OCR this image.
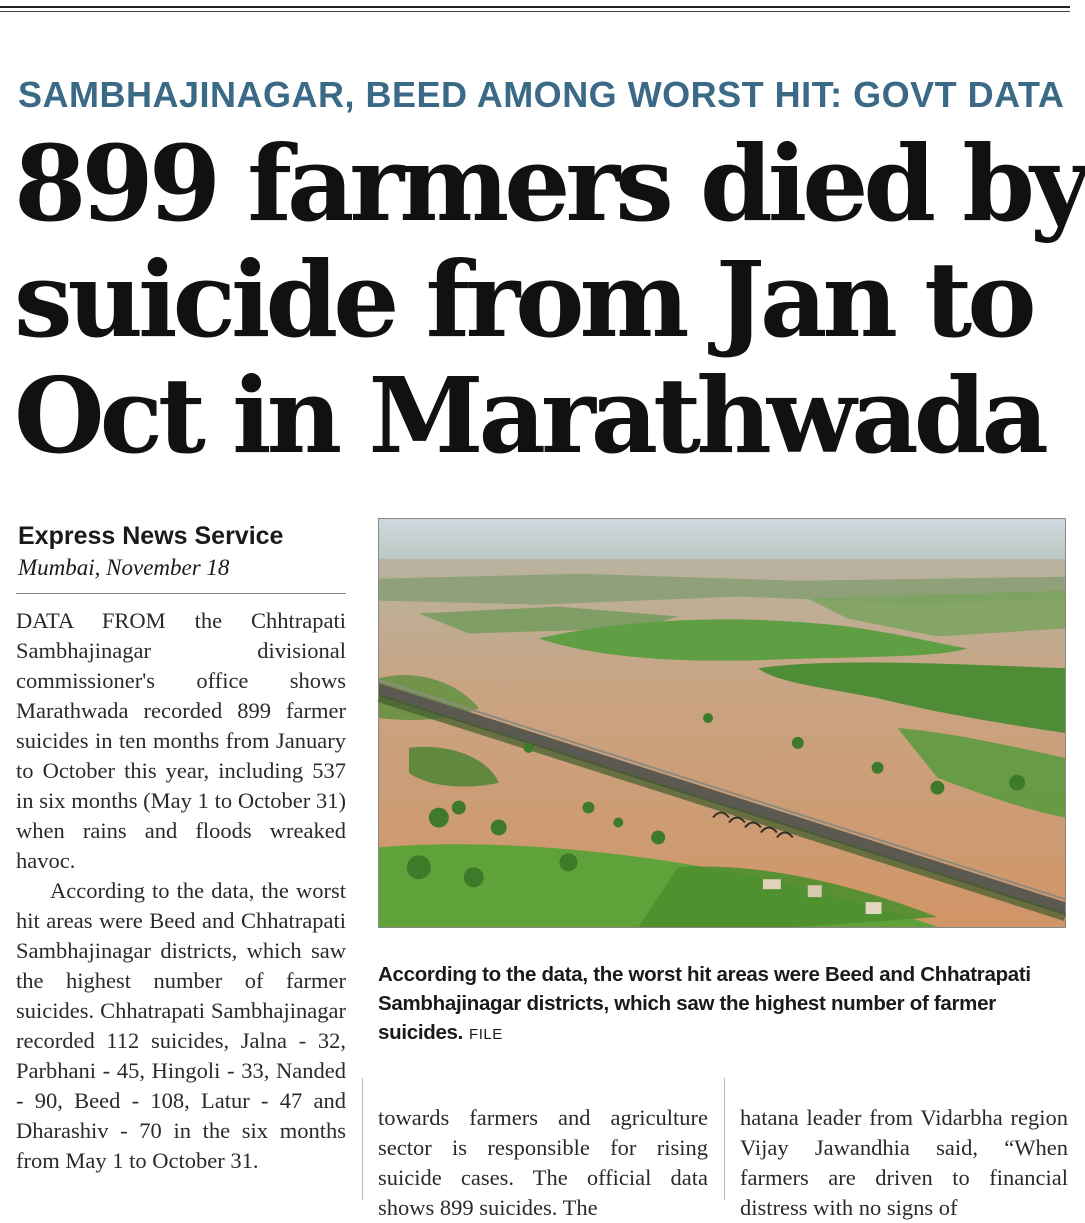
SAMBHAJINAGAR, BEED AMONG WORST HIT: GOVT DATA
899 farmers died by
suicide from Jan to
Oct in Marathwada
Express News Service
Mumbai, November 18

DATA FROM the Chhtrapati Sambhajinagar divisional commissioner's office shows Marathwada recorded 899 farmer suicides in ten months from January to October this year, including 537 in six months (May 1 to October 31) when rains and floods wreaked havoc.

According to the data, the worst hit areas were Beed and Chhatrapati Sambhajinagar districts, which saw the highest number of farmer suicides. Chhatrapati Sambhajinagar recorded 112 suicides, Jalna - 32, Parbhani - 45, Hingoli - 33, Nanded - 90, Beed - 108, Latur - 47 and Dharashiv - 70 in the six months from May 1 to October 31.

According to the data, the worst hit areas were Beed and Chhatrapati Sambhajinagar districts, which saw the highest number of farmer suicides. FILE

towards farmers and agriculture sector is responsible for rising suicide cases. The official data shows 899 suicides. The

hatana leader from Vidarbha region Vijay Jawandhia said, “When farmers are driven to financial distress with no signs of
